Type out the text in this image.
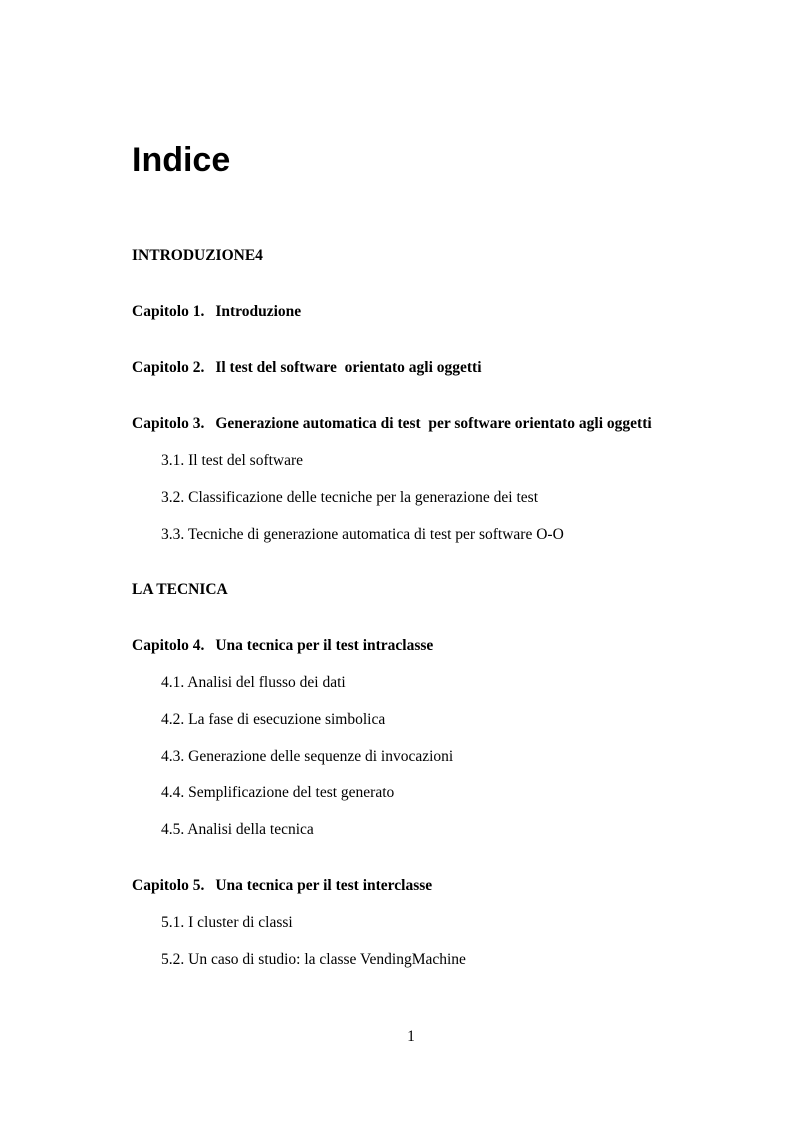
Indice

INTRODUZIONE4

Capitolo 1. Introduzione

Capitolo 2. Il test del software  orientato agli oggetti

Capitolo 3. Generazione automatica di test  per software orientato agli oggetti

3.1. Il test del software

3.2. Classificazione delle tecniche per la generazione dei test

3.3. Tecniche di generazione automatica di test per software O-O

LA TECNICA

Capitolo 4. Una tecnica per il test intraclasse

4.1. Analisi del flusso dei dati

4.2. La fase di esecuzione simbolica

4.3. Generazione delle sequenze di invocazioni

4.4. Semplificazione del test generato

4.5. Analisi della tecnica

Capitolo 5. Una tecnica per il test interclasse

5.1. I cluster di classi

5.2. Un caso di studio: la classe VendingMachine

1
